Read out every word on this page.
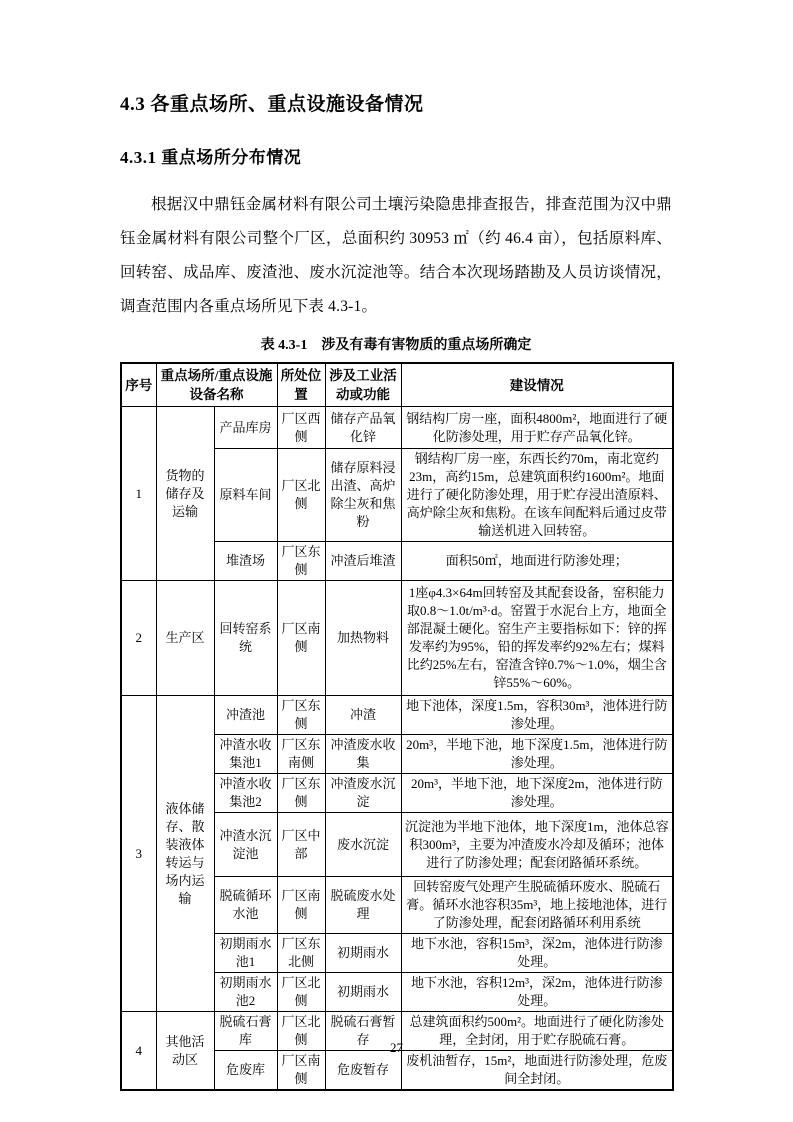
4.3 各重点场所、重点设施设备情况
4.3.1 重点场所分布情况

根据汉中鼎钰金属材料有限公司土壤污染隐患排查报告，排查范围为汉中鼎钰金属材料有限公司整个厂区，总面积约 30953 ㎡（约 46.4 亩），包括原料库、回转窑、成品库、废渣池、废水沉淀池等。结合本次现场踏勘及人员访谈情况，调查范围内各重点场所见下表 4.3-1。

表 4.3-1　涉及有毒有害物质的重点场所确定
序号	重点场所/重点设施设备名称		所处位置	涉及工业活动或功能	建设情况
1	货物的储存及运输	产品库房	厂区西侧	储存产品氧化锌	钢结构厂房一座，面积4800m²，地面进行了硬化防渗处理，用于贮存产品氧化锌。
		原料车间	厂区北侧	储存原料浸出渣、高炉除尘灰和焦粉	钢结构厂房一座，东西长约70m，南北宽约23m，高约15m，总建筑面积约1600m²。地面进行了硬化防渗处理，用于贮存浸出渣原料、高炉除尘灰和焦粉。在该车间配料后通过皮带输送机进入回转窑。
		堆渣场	厂区东侧	冲渣后堆渣	面积50㎡，地面进行防渗处理；
2	生产区	回转窑系统	厂区南侧	加热物料	1座φ4.3×64m回转窑及其配套设备，窑积能力取0.8～1.0t/m³·d。窑置于水泥台上方，地面全部混凝土硬化。窑生产主要指标如下：锌的挥发率约为95%，铅的挥发率约92%左右；煤料比约25%左右，窑渣含锌0.7%～1.0%，烟尘含锌55%～60%。
3	液体储存、散装液体转运与场内运输	冲渣池	厂区东侧	冲渣	地下池体，深度1.5m，容积30m³，池体进行防渗处理。
		冲渣水收集池1	厂区东南侧	冲渣废水收集	20m³，半地下池，地下深度1.5m，池体进行防渗处理。
		冲渣水收集池2	厂区东侧	冲渣废水沉淀	20m³，半地下池，地下深度2m，池体进行防渗处理。
		冲渣水沉淀池	厂区中部	废水沉淀	沉淀池为半地下池体，地下深度1m，池体总容积300m³，主要为冲渣废水冷却及循环；池体进行了防渗处理；配套闭路循环系统。
		脱硫循环水池	厂区南侧	脱硫废水处理	回转窑废气处理产生脱硫循环废水、脱硫石膏。循环水池容积35m³，地上接地池体，进行了防渗处理，配套闭路循环利用系统
		初期雨水池1	厂区东北侧	初期雨水	地下水池，容积15m³，深2m，池体进行防渗处理。
		初期雨水池2	厂区北侧	初期雨水	地下水池，容积12m³，深2m，池体进行防渗处理。
4	其他活动区	脱硫石膏库	厂区北侧	脱硫石膏暂存	总建筑面积约500m²。地面进行了硬化防渗处理，全封闭，用于贮存脱硫石膏。
		危废库	厂区南侧	危废暂存	废机油暂存，15m²，地面进行防渗处理，危废间全封闭。
27
